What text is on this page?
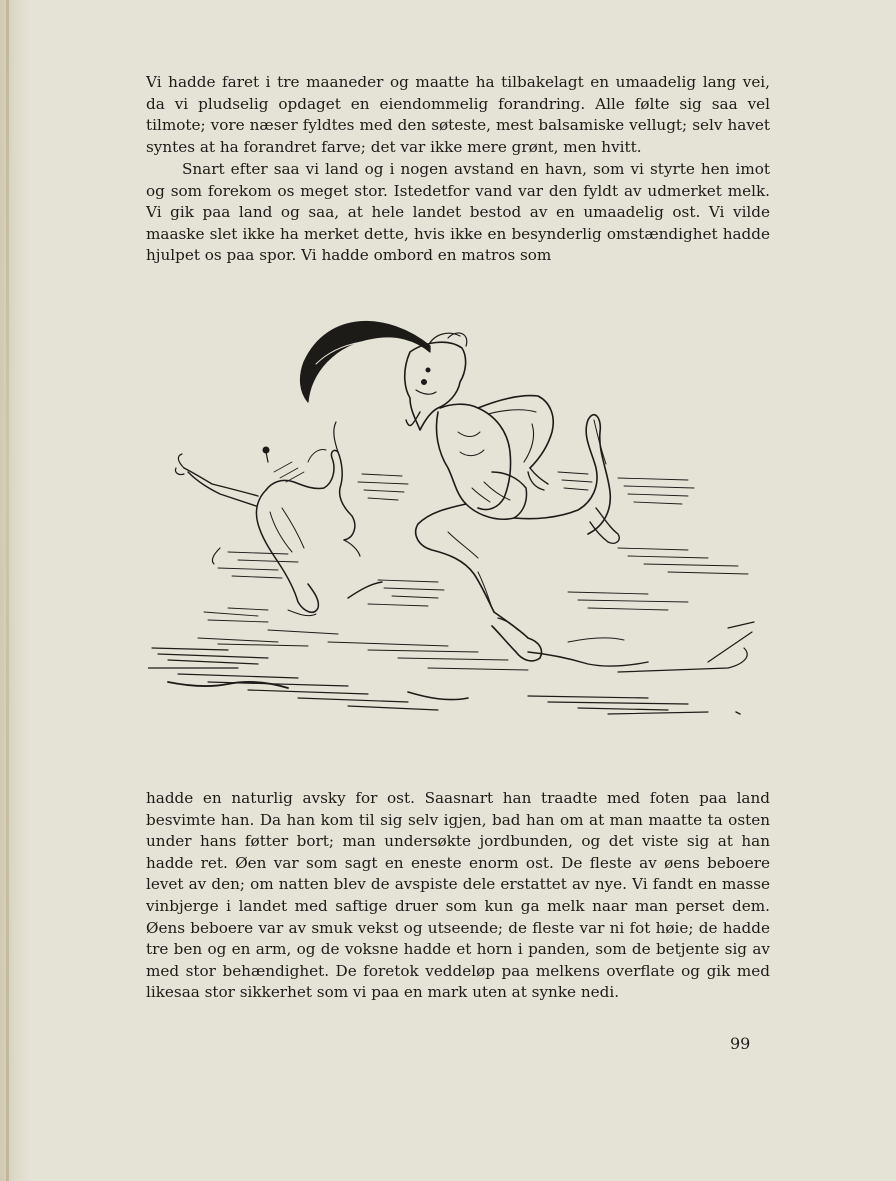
Vi hadde faret i tre maaneder og maatte ha tilbakelagt en umaadelig lang vei, da vi pludselig opdaget en eiendommelig forandring. Alle følte sig saa vel tilmote; vore næser fyldtes med den søteste, mest balsamiske vellugt; selv havet syntes at ha forandret farve; det var ikke mere grønt, men hvitt.

Snart efter saa vi land og i nogen avstand en havn, som vi styrte hen imot og som forekom os meget stor. Istedetfor vand var den fyldt av udmerket melk. Vi gik paa land og saa, at hele landet bestod av en umaadelig ost. Vi vilde maaske slet ikke ha merket dette, hvis ikke en besynderlig omstændighet hadde hjulpet os paa spor. Vi hadde ombord en matros som

hadde en naturlig avsky for ost. Saasnart han traadte med foten paa land besvimte han. Da han kom til sig selv igjen, bad han om at man maatte ta osten under hans føtter bort; man undersøkte jordbunden, og det viste sig at han hadde ret. Øen var som sagt en eneste enorm ost. De fleste av øens beboere levet av den; om natten blev de avspiste dele erstattet av nye. Vi fandt en masse vinbjerge i landet med saftige druer som kun ga melk naar man perset dem. Øens beboere var av smuk vekst og utseende; de fleste var ni fot høie; de hadde tre ben og en arm, og de voksne hadde et horn i panden, som de betjente sig av med stor behændighet. De foretok veddeløp paa melkens overflate og gik med likesaa stor sikkerhet som vi paa en mark uten at synke nedi.

99
